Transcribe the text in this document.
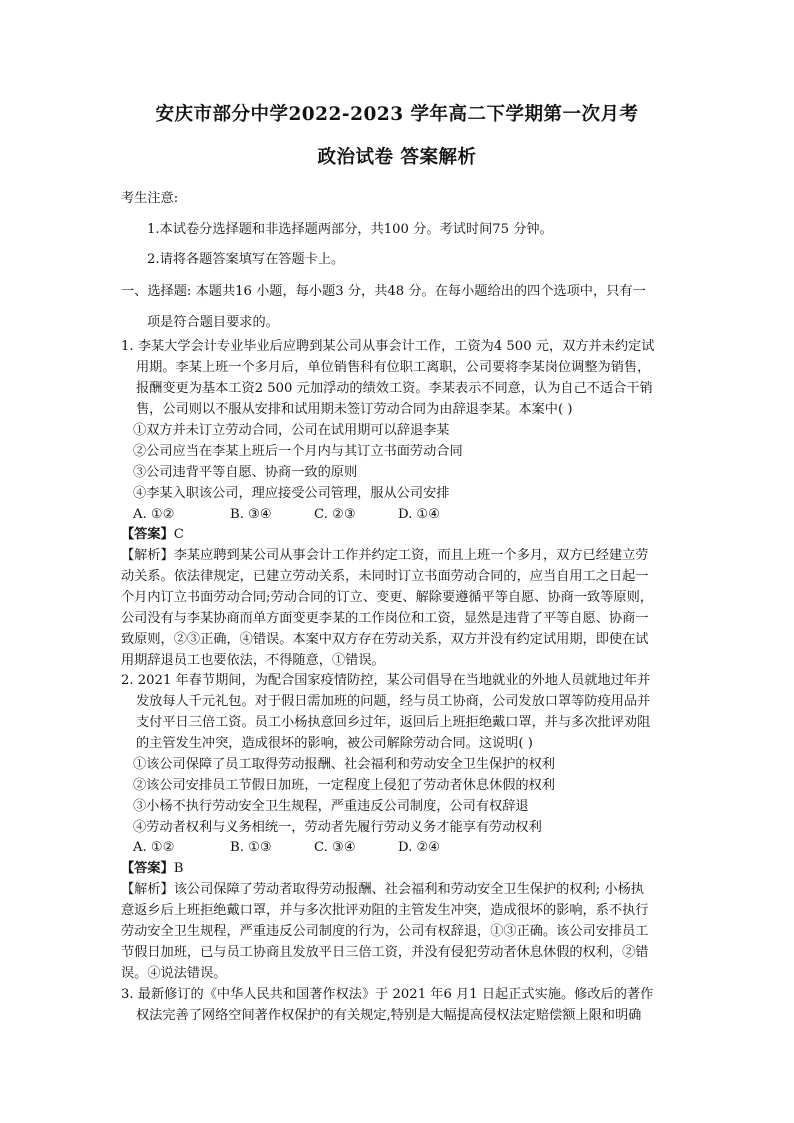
安庆市部分中学2022-2023 学年高二下学期第一次月考
政治试卷 答案解析
考生注意:
1.本试卷分选择题和非选择题两部分，共100 分。考试时间75 分钟。
2.请将各题答案填写在答题卡上。
一、选择题: 本题共16 小题，每小题3 分，共48 分。在每小题给出的四个选项中，只有一
项是符合题目要求的。
1. 李某大学会计专业毕业后应聘到某公司从事会计工作，工资为4 500 元，双方并未约定试
用期。李某上班一个多月后，单位销售科有位职工离职，公司要将李某岗位调整为销售，
报酬变更为基本工资2 500 元加浮动的绩效工资。李某表示不同意，认为自己不适合干销
售，公司则以不服从安排和试用期未签订劳动合同为由辞退李某。本案中( )
①双方并未订立劳动合同，公司在试用期可以辞退李某
②公司应当在李某上班后一个月内与其订立书面劳动合同
③公司违背平等自愿、协商一致的原则
④李某入职该公司，理应接受公司管理，服从公司安排
A. ①②	B. ③④	C. ②③	D. ①④
【答案】C
【解析】李某应聘到某公司从事会计工作并约定工资，而且上班一个多月，双方已经建立劳
动关系。依法律规定，已建立劳动关系，未同时订立书面劳动合同的，应当自用工之日起一
个月内订立书面劳动合同;劳动合同的订立、变更、解除要遵循平等自愿、协商一致等原则，
公司没有与李某协商而单方面变更李某的工作岗位和工资，显然是违背了平等自愿、协商一
致原则，②③正确，④错误。本案中双方存在劳动关系，双方并没有约定试用期，即使在试
用期辞退员工也要依法，不得随意，①错误。
2. 2021 年春节期间，为配合国家疫情防控，某公司倡导在当地就业的外地人员就地过年并
发放每人千元礼包。对于假日需加班的问题，经与员工协商，公司发放口罩等防疫用品并
支付平日三倍工资。员工小杨执意回乡过年，返回后上班拒绝戴口罩，并与多次批评劝阻
的主管发生冲突，造成很坏的影响，被公司解除劳动合同。这说明( )
①该公司保障了员工取得劳动报酬、社会福利和劳动安全卫生保护的权利
②该公司安排员工节假日加班，一定程度上侵犯了劳动者休息休假的权利
③小杨不执行劳动安全卫生规程，严重违反公司制度，公司有权辞退
④劳动者权利与义务相统一，劳动者先履行劳动义务才能享有劳动权利
A. ①②	B. ①③	C. ③④	D. ②④
【答案】B
【解析】该公司保障了劳动者取得劳动报酬、社会福利和劳动安全卫生保护的权利; 小杨执
意返乡后上班拒绝戴口罩，并与多次批评劝阻的主管发生冲突，造成很坏的影响，系不执行
劳动安全卫生规程，严重违反公司制度的行为，公司有权辞退，①③正确。该公司安排员工
节假日加班，已与员工协商且发放平日三倍工资，并没有侵犯劳动者休息休假的权利，②错
误。④说法错误。
3. 最新修订的《中华人民共和国著作权法》于 2021 年6 月1 日起正式实施。修改后的著作
权法完善了网络空间著作权保护的有关规定,特别是大幅提高侵权法定赔偿额上限和明确
